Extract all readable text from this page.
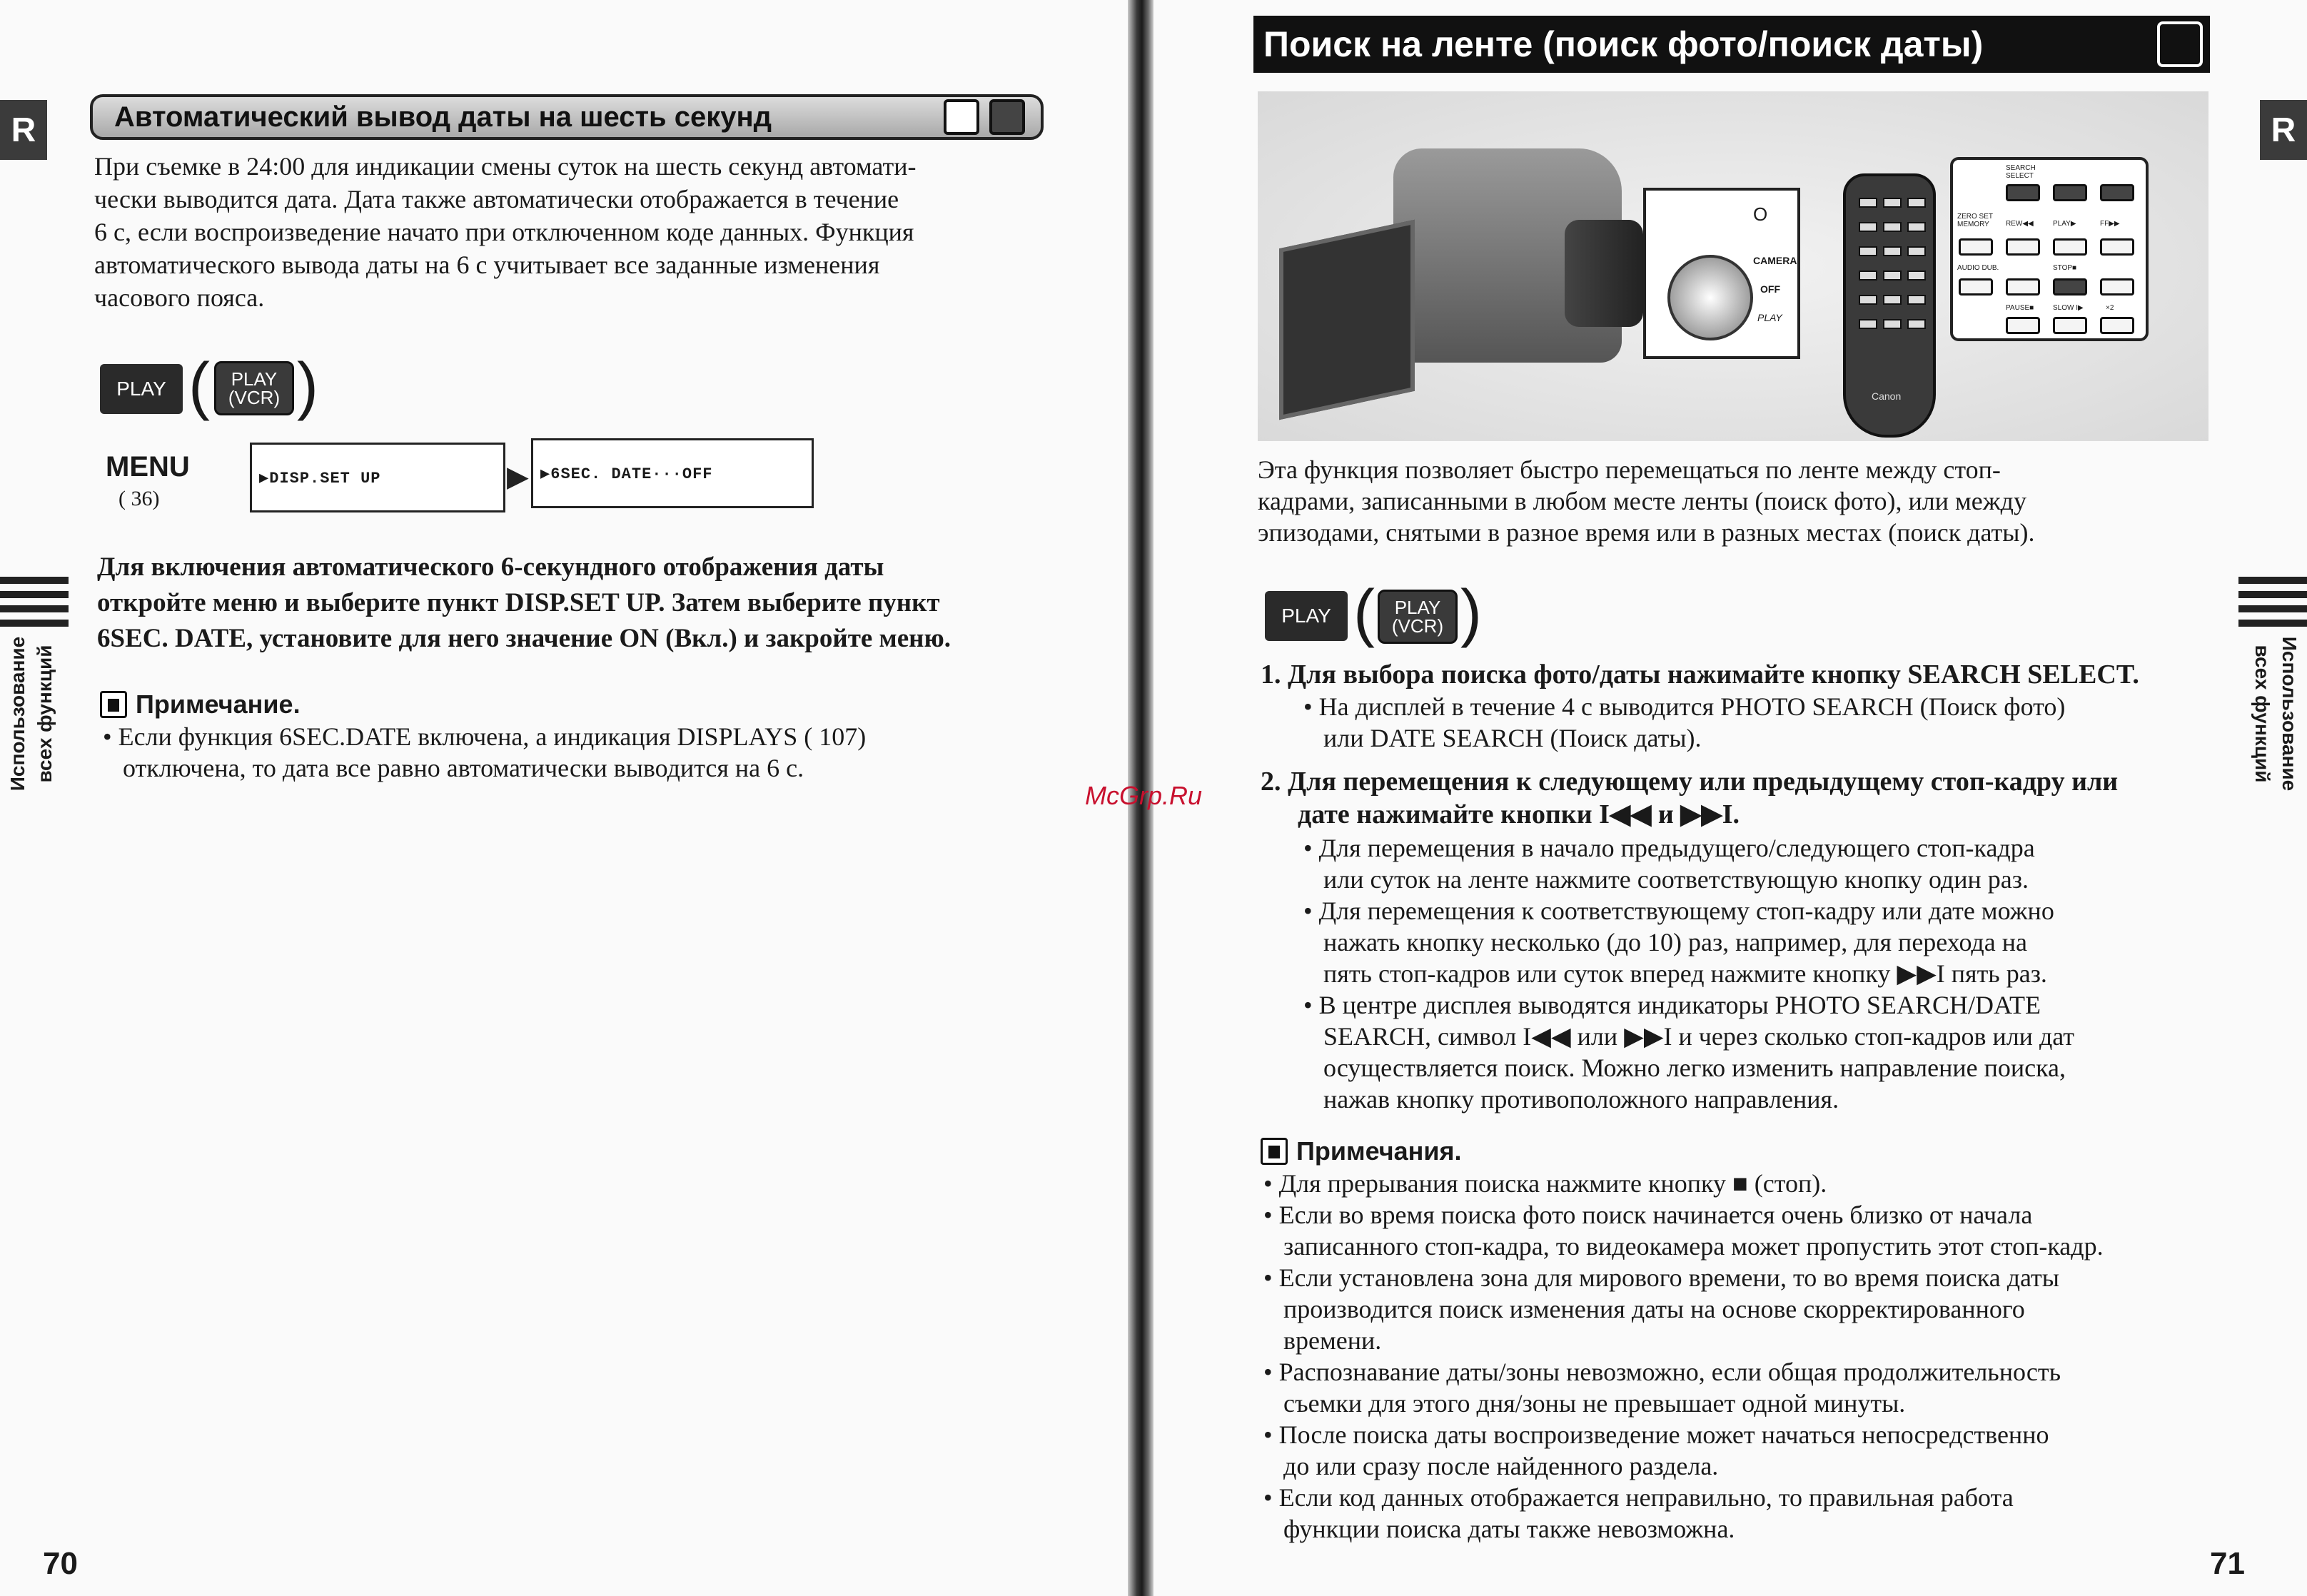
R
Использование всех функций
Автоматический вывод даты на шесть секунд
При съемке в 24:00 для индикации смены суток на шесть секунд автомати-
чески выводится дата. Дата также автоматически отображается в течение
6 с, если воспроизведение начато при отключенном коде данных. Функция
автоматического вывода даты на 6 с учитывает все заданные изменения
часового пояса.
PLAY ( PLAY
(VCR) )
MENU
( 36)
▶DISP.SET UP	▶ ▶6SEC. DATE···OFF
Для включения автоматического 6-секундного отображения даты
откройте меню и выберите пункт DISP.SET UP. Затем выберите пункт
6SEC. DATE, установите для него значение ON (Вкл.) и закройте меню.
Примечание.
• Если функция 6SEC.DATE включена, а индикация DISPLAYS ( 107)
отключена, то дата все равно автоматически выводится на 6 с.
70
R
Использование всех функций
71
Поиск на ленте (поиск фото/поиск даты)
O
CAMERA
OFF
PLAY
Canon
SEARCH SELECT
ZERO SET MEMORY	REW◀◀	PLAY▶	FF▶▶
AUDIO DUB.	STOP■
PAUSE■	SLOW I▶	×2
Эта функция позволяет быстро перемещаться по ленте между стоп-
кадрами, записанными в любом месте ленты (поиск фото), или между
эпизодами, снятыми в разное время или в разных местах (поиск даты).
PLAY ( PLAY
(VCR) )
1. Для выбора поиска фото/даты нажимайте кнопку SEARCH SELECT.
• На дисплей в течение 4 с выводится PHOTO SEARCH (Поиск фото)
или DATE SEARCH (Поиск даты).
2. Для перемещения к следующему или предыдущему стоп-кадру или
дате нажимайте кнопки I◀◀ и ▶▶I.
• Для перемещения в начало предыдущего/следующего стоп-кадра
или суток на ленте нажмите соответствующую кнопку один раз.
• Для перемещения к соответствующему стоп-кадру или дате можно
нажать кнопку несколько (до 10) раз, например, для перехода на
пять стоп-кадров или суток вперед нажмите кнопку ▶▶I пять раз.
• В центре дисплея выводятся индикаторы PHOTO SEARCH/DATE
SEARCH, символ I◀◀ или ▶▶I и через сколько стоп-кадров или дат
осуществляется поиск. Можно легко изменить направление поиска,
нажав кнопку противоположного направления.
Примечания.
• Для прерывания поиска нажмите кнопку ■ (стоп).
• Если во время поиска фото поиск начинается очень близко от начала
записанного стоп-кадра, то видеокамера может пропустить этот стоп-кадр.
• Если установлена зона для мирового времени, то во время поиска даты
производится поиск изменения даты на основе скорректированного
времени.
• Распознавание даты/зоны невозможно, если общая продолжительность
съемки для этого дня/зоны не превышает одной минуты.
• После поиска даты воспроизведение может начаться непосредственно
до или сразу после найденного раздела.
• Если код данных отображается неправильно, то правильная работа
функции поиска даты также невозможна.
McGrp.Ru
